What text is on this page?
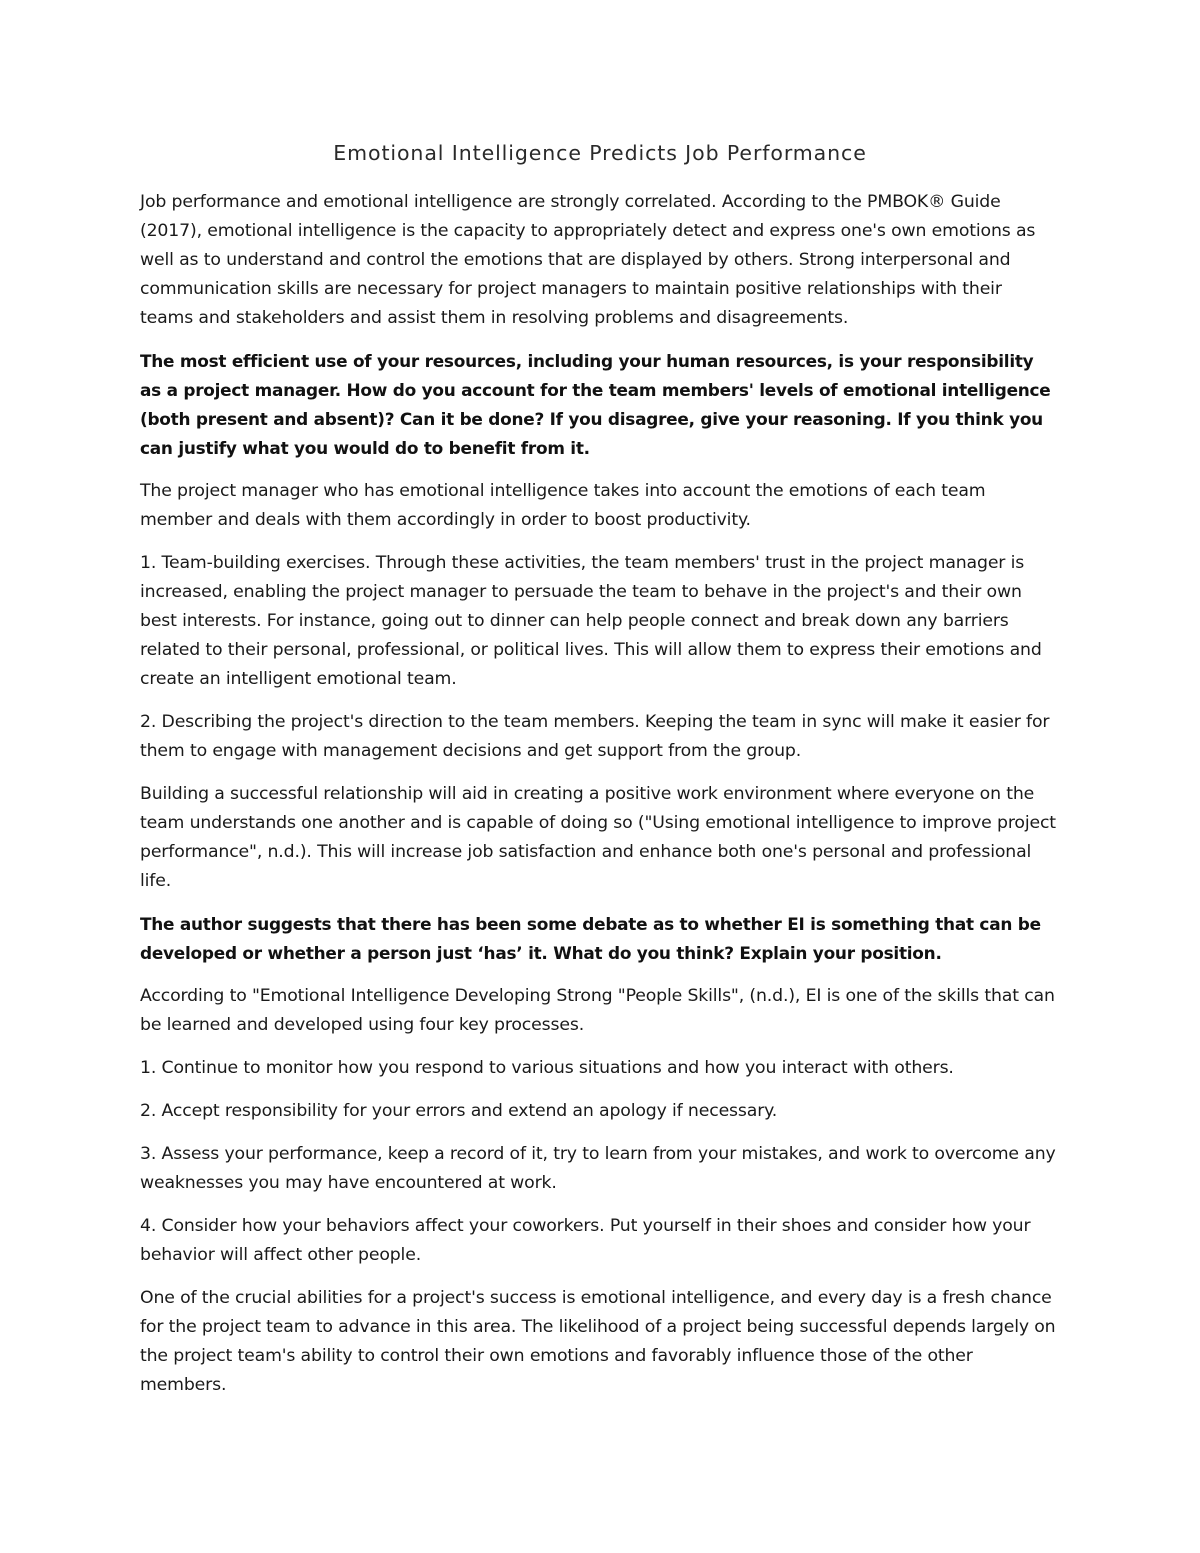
Emotional Intelligence Predicts Job Performance

Job performance and emotional intelligence are strongly correlated. According to the PMBOK® Guide (2017), emotional intelligence is the capacity to appropriately detect and express one's own emotions as well as to understand and control the emotions that are displayed by others. Strong interpersonal and communication skills are necessary for project managers to maintain positive relationships with their teams and stakeholders and assist them in resolving problems and disagreements.

The most efficient use of your resources, including your human resources, is your responsibility as a project manager. How do you account for the team members' levels of emotional intelligence (both present and absent)? Can it be done? If you disagree, give your reasoning. If you think you can justify what you would do to benefit from it.

The project manager who has emotional intelligence takes into account the emotions of each team member and deals with them accordingly in order to boost productivity.

1. Team-building exercises. Through these activities, the team members' trust in the project manager is increased, enabling the project manager to persuade the team to behave in the project's and their own best interests. For instance, going out to dinner can help people connect and break down any barriers related to their personal, professional, or political lives. This will allow them to express their emotions and create an intelligent emotional team.

2. Describing the project's direction to the team members. Keeping the team in sync will make it easier for them to engage with management decisions and get support from the group.

Building a successful relationship will aid in creating a positive work environment where everyone on the team understands one another and is capable of doing so ("Using emotional intelligence to improve project performance", n.d.). This will increase job satisfaction and enhance both one's personal and professional life.

The author suggests that there has been some debate as to whether EI is something that can be developed or whether a person just ‘has’ it. What do you think? Explain your position.

According to "Emotional Intelligence Developing Strong "People Skills", (n.d.), EI is one of the skills that can be learned and developed using four key processes.

1. Continue to monitor how you respond to various situations and how you interact with others.

2. Accept responsibility for your errors and extend an apology if necessary.

3. Assess your performance, keep a record of it, try to learn from your mistakes, and work to overcome any weaknesses you may have encountered at work.

4. Consider how your behaviors affect your coworkers. Put yourself in their shoes and consider how your behavior will affect other people.

One of the crucial abilities for a project's success is emotional intelligence, and every day is a fresh chance for the project team to advance in this area. The likelihood of a project being successful depends largely on the project team's ability to control their own emotions and favorably influence those of the other members.
